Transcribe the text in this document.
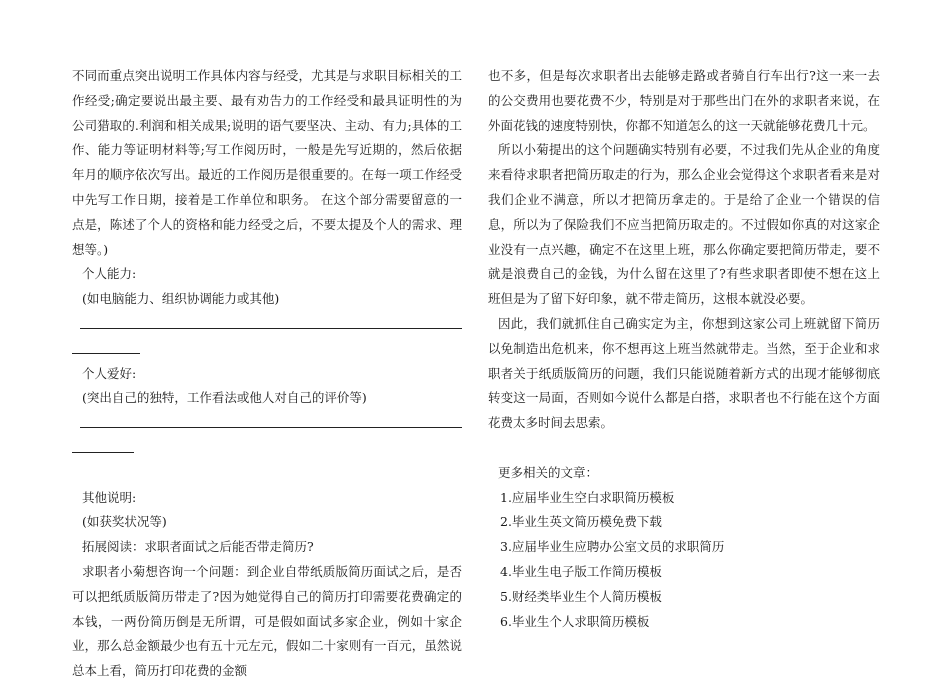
不同而重点突出说明工作具体内容与经受，尤其是与求职目标相关的工作经受;确定要说出最主要、最有劝告力的工作经受和最具证明性的为公司猎取的.利润和相关成果;说明的语气要坚决、主动、有力;具体的工作、能力等证明材料等;写工作阅历时，一般是先写近期的，然后依据年月的顺序依次写出。最近的工作阅历是很重要的。在每一项工作经受中先写工作日期，接着是工作单位和职务。 在这个部分需要留意的一点是，陈述了个人的资格和能力经受之后，不要太提及个人的需求、理想等。)

个人能力:

(如电脑能力、组织协调能力或其他)

个人爱好:

(突出自己的独特，工作看法或他人对自己的评价等)

其他说明:

(如获奖状况等)

拓展阅读：求职者面试之后能否带走简历?

求职者小菊想咨询一个问题：到企业自带纸质版简历面试之后，是否可以把纸质版简历带走了?因为她觉得自己的简历打印需要花费确定的本钱，一两份简历倒是无所谓，可是假如面试多家企业，例如十家企业，那么总金额最少也有五十元左元，假如二十家则有一百元，虽然说总本上看，简历打印花费的金额

也不多，但是每次求职者出去能够走路或者骑自行车出行?这一来一去的公交费用也要花费不少，特别是对于那些出门在外的求职者来说，在外面花钱的速度特别快，你都不知道怎么的这一天就能够花费几十元。

所以小菊提出的这个问题确实特别有必要，不过我们先从企业的角度来看待求职者把简历取走的行为，那么企业会觉得这个求职者看来是对我们企业不满意，所以才把简历拿走的。于是给了企业一个错误的信息，所以为了保险我们不应当把简历取走的。不过假如你真的对这家企业没有一点兴趣，确定不在这里上班，那么你确定要把简历带走，要不就是浪费自己的金钱，为什么留在这里了?有些求职者即使不想在这上班但是为了留下好印象，就不带走简历，这根本就没必要。

因此，我们就抓住自己确实定为主，你想到这家公司上班就留下简历以免制造出危机来，你不想再这上班当然就带走。当然，至于企业和求职者关于纸质版简历的问题，我们只能说随着新方式的出现才能够彻底转变这一局面，否则如今说什么都是白搭，求职者也不行能在这个方面花费太多时间去思索。

更多相关的文章：

1.应届毕业生空白求职简历模板

2.毕业生英文简历模免费下载

3.应届毕业生应聘办公室文员的求职简历

4.毕业生电子版工作简历模板

5.财经类毕业生个人简历模板

6.毕业生个人求职简历模板
